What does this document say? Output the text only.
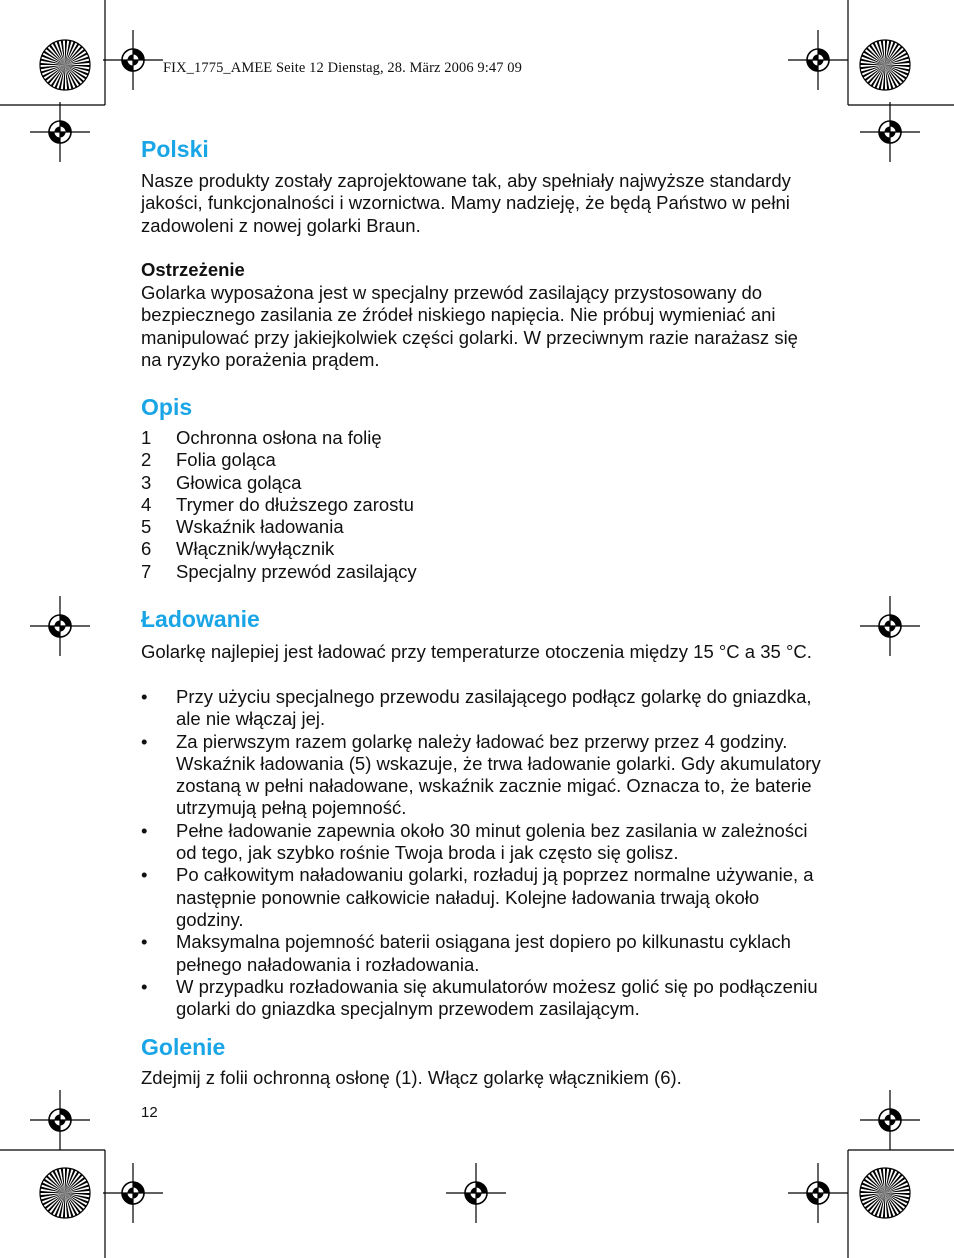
FIX_1775_AMEE Seite 12 Dienstag, 28. März 2006 9:47 09
Polski

Nasze produkty zostały zaprojektowane tak, aby spełniały najwyższe standardy jakości, funkcjonalności i wzornictwa. Mamy nadzieję, że będą Państwo w pełni zadowoleni z nowej golarki Braun.

Ostrzeżenie

Golarka wyposażona jest w specjalny przewód zasilający przystosowany do bezpiecznego zasilania ze źródeł niskiego napięcia. Nie próbuj wymieniać ani manipulować przy jakiejkolwiek części golarki. W przeciwnym razie narażasz się na ryzyko porażenia prądem.

Opis
1 Ochronna osłona na folię
2 Folia goląca
3 Głowica goląca
4 Trymer do dłuższego zarostu
5 Wskaźnik ładowania
6 Włącznik/wyłącznik
7 Specjalny przewód zasilający
Ładowanie

Golarkę najlepiej jest ładować przy temperaturze otoczenia między 15 °C a 35 °C.

• Przy użyciu specjalnego przewodu zasilającego podłącz golarkę do gniazdka, ale nie włączaj jej.
• Za pierwszym razem golarkę należy ładować bez przerwy przez 4 godziny. Wskaźnik ładowania (5) wskazuje, że trwa ładowanie golarki. Gdy akumulatory zostaną w pełni naładowane, wskaźnik zacznie migać. Oznacza to, że baterie utrzymują pełną pojemność.
• Pełne ładowanie zapewnia około 30 minut golenia bez zasilania w zależności od tego, jak szybko rośnie Twoja broda i jak często się golisz.
• Po całkowitym naładowaniu golarki, rozładuj ją poprzez normalne używanie, a następnie ponownie całkowicie naładuj. Kolejne ładowania trwają około godziny.
• Maksymalna pojemność baterii osiągana jest dopiero po kilkunastu cyklach pełnego naładowania i rozładowania.
• W przypadku rozładowania się akumulatorów możesz golić się po podłączeniu golarki do gniazdka specjalnym przewodem zasilającym.
Golenie

Zdejmij z folii ochronną osłonę (1). Włącz golarkę włącznikiem (6).

12
